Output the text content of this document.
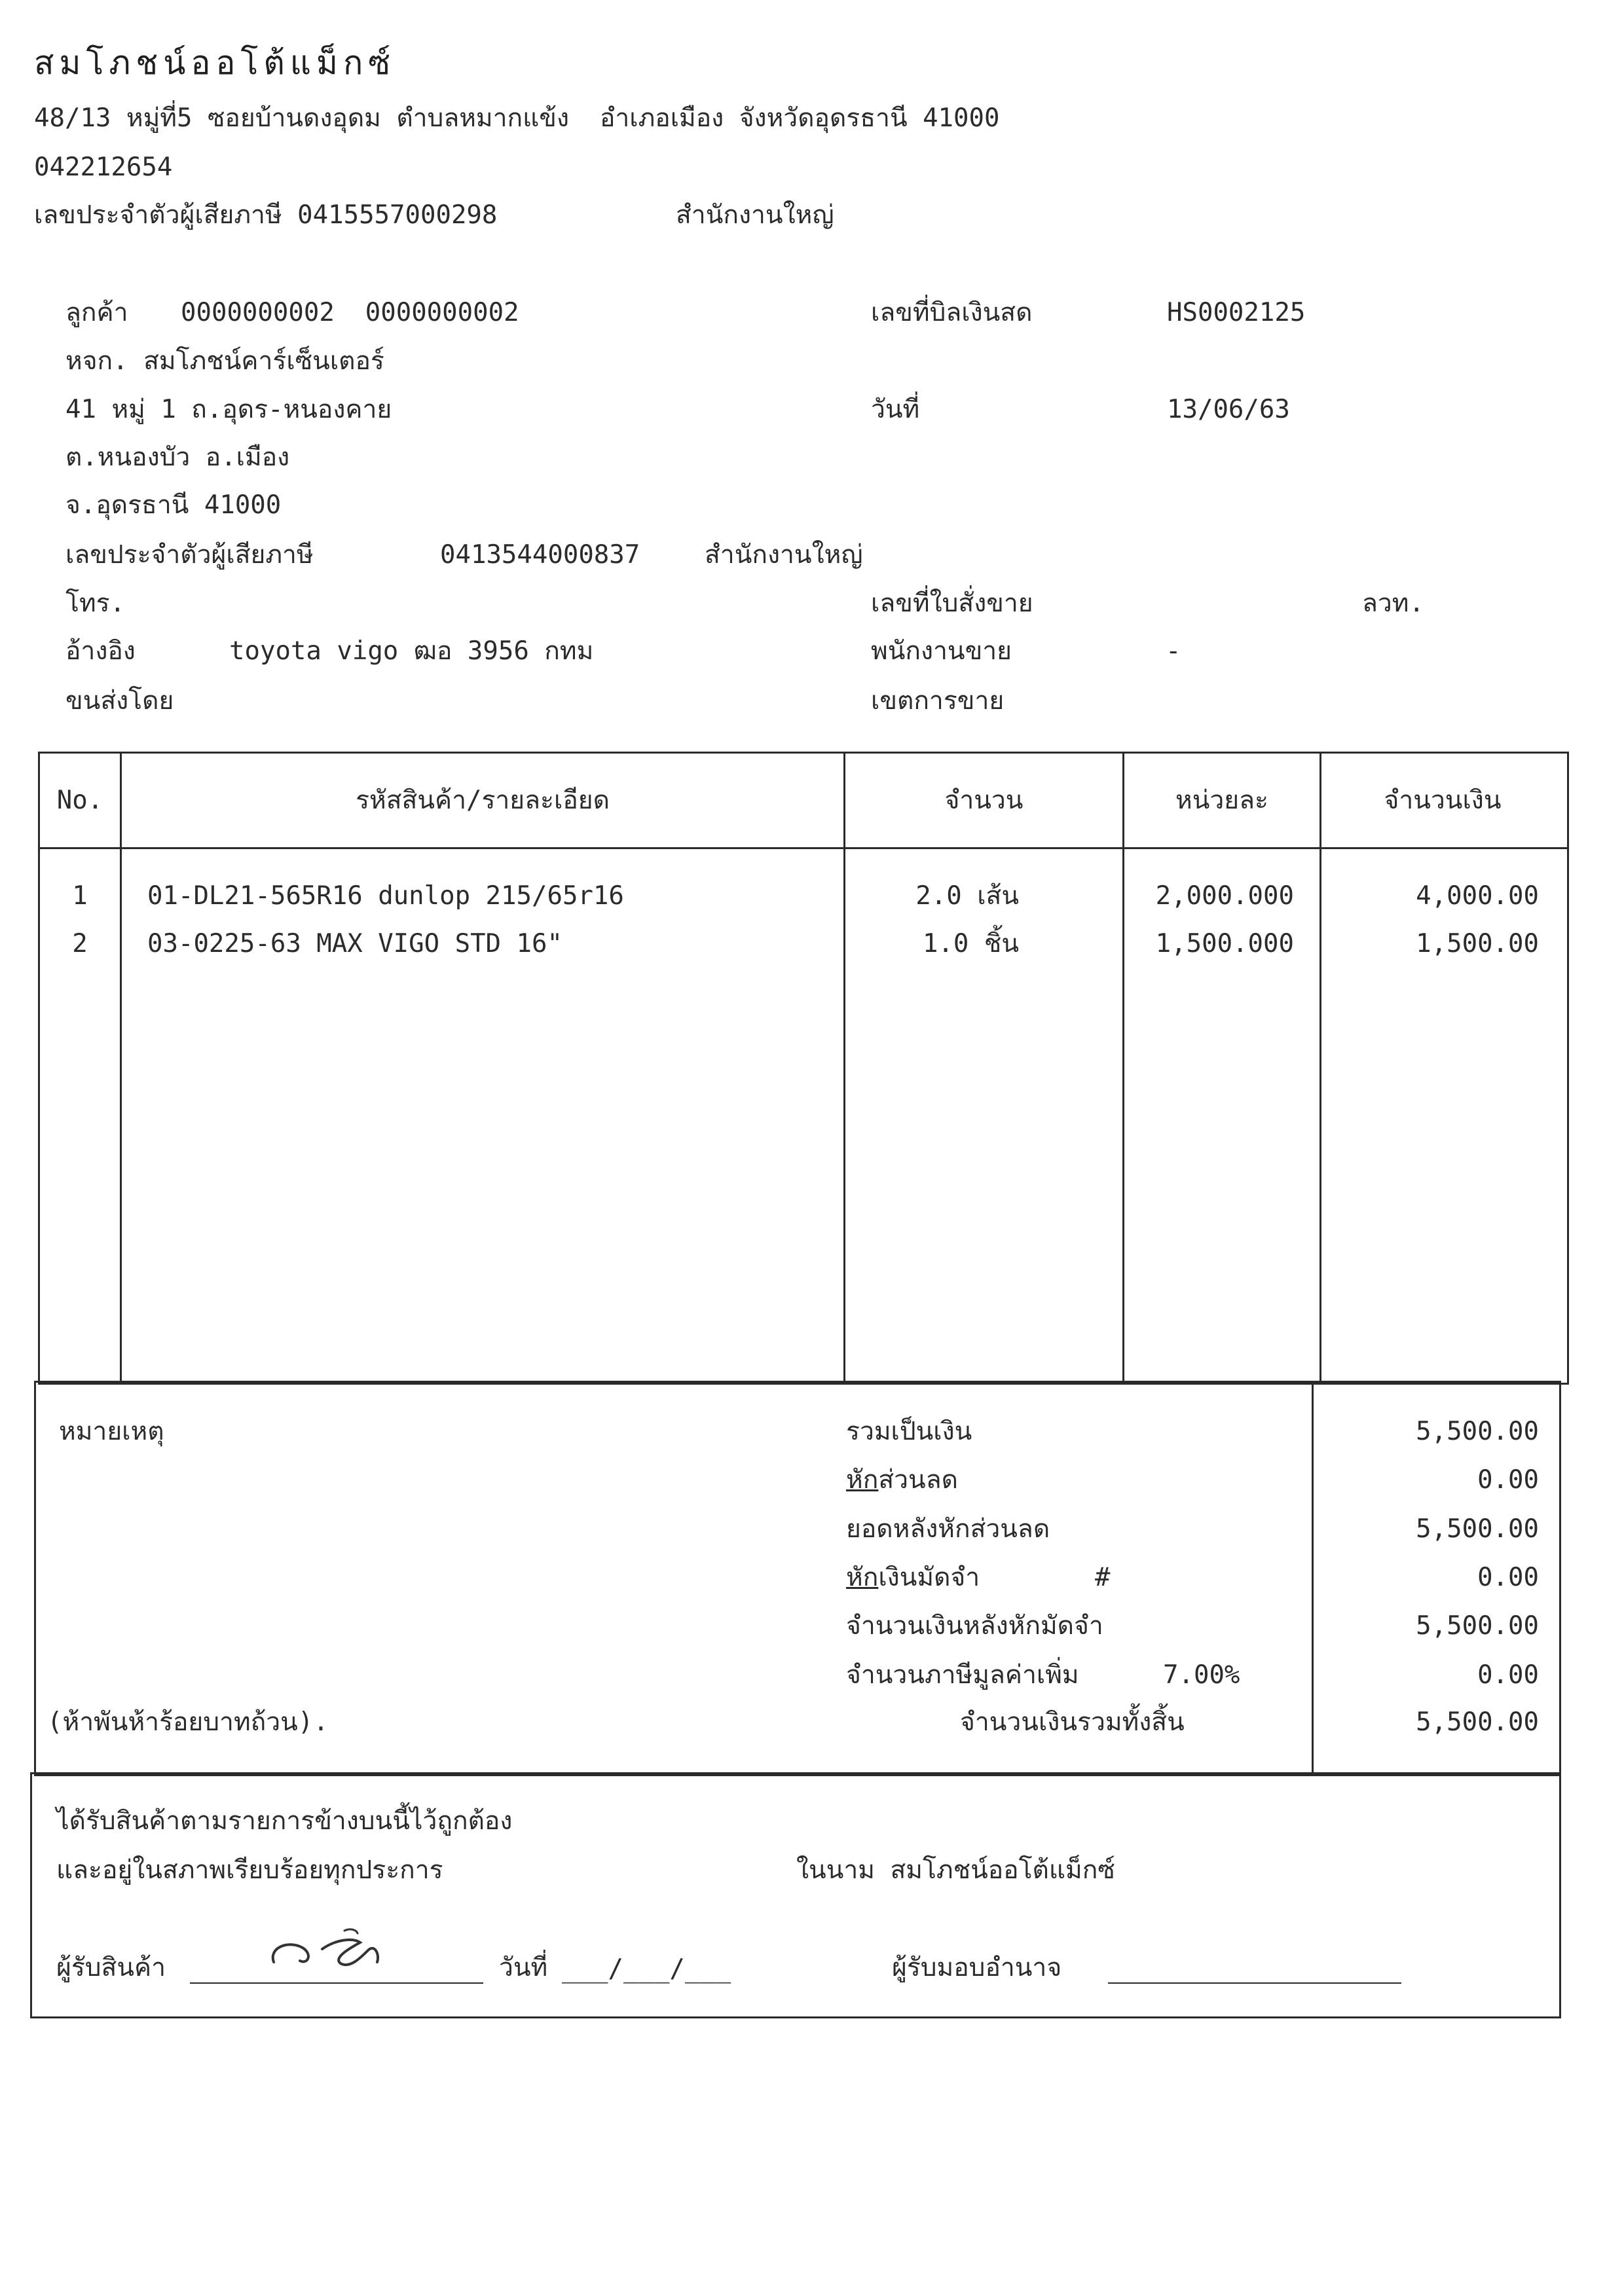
สมโภชน์ออโต้แม็กซ์
48/13 หมู่ที่5 ซอยบ้านดงอุดม ตำบลหมากแข้ง  อำเภอเมือง จังหวัดอุดรธานี 41000
042212654
เลขประจำตัวผู้เสียภาษี 0415557000298	สำนักงานใหญ่
ลูกค้า 0000000002  0000000002
หจก. สมโภชน์คาร์เซ็นเตอร์
41 หมู่ 1 ถ.อุดร-หนองคาย
ต.หนองบัว อ.เมือง
จ.อุดรธานี 41000
เลขประจำตัวผู้เสียภาษี	0413544000837	สำนักงานใหญ่
โทร.
อ้างอิง	toyota vigo ฒอ 3956 กทม
ขนส่งโดย
เลขที่บิลเงินสด	HS0002125
วันที่	13/06/63
เลขที่ใบสั่งขาย	ลวท.
พนักงานขาย	-
เขตการขาย
No.	รหัสสินค้า/รายละเอียด	จำนวน	หน่วยละ	จำนวนเงิน
1	01-DL21-565R16 dunlop 215/65r16	2.0 เส้น	2,000.000	4,000.00
2	03-0225-63 MAX VIGO STD 16"	1.0 ชิ้น	1,500.000	1,500.00
หมายเหตุ
(ห้าพันห้าร้อยบาทถ้วน).
รวมเป็นเงิน	5,500.00
หักส่วนลด	0.00
ยอดหลังหักส่วนลด	5,500.00
หักเงินมัดจำ	#	0.00
จำนวนเงินหลังหักมัดจำ	5,500.00
จำนวนภาษีมูลค่าเพิ่ม	7.00%	0.00
จำนวนเงินรวมทั้งสิ้น	5,500.00
ได้รับสินค้าตามรายการข้างบนนี้ไว้ถูกต้อง
และอยู่ในสภาพเรียบร้อยทุกประการ	ในนาม สมโภชน์ออโต้แม็กซ์
ผู้รับสินค้า	วันที่ ___/___/___	ผู้รับมอบอำนาจ
